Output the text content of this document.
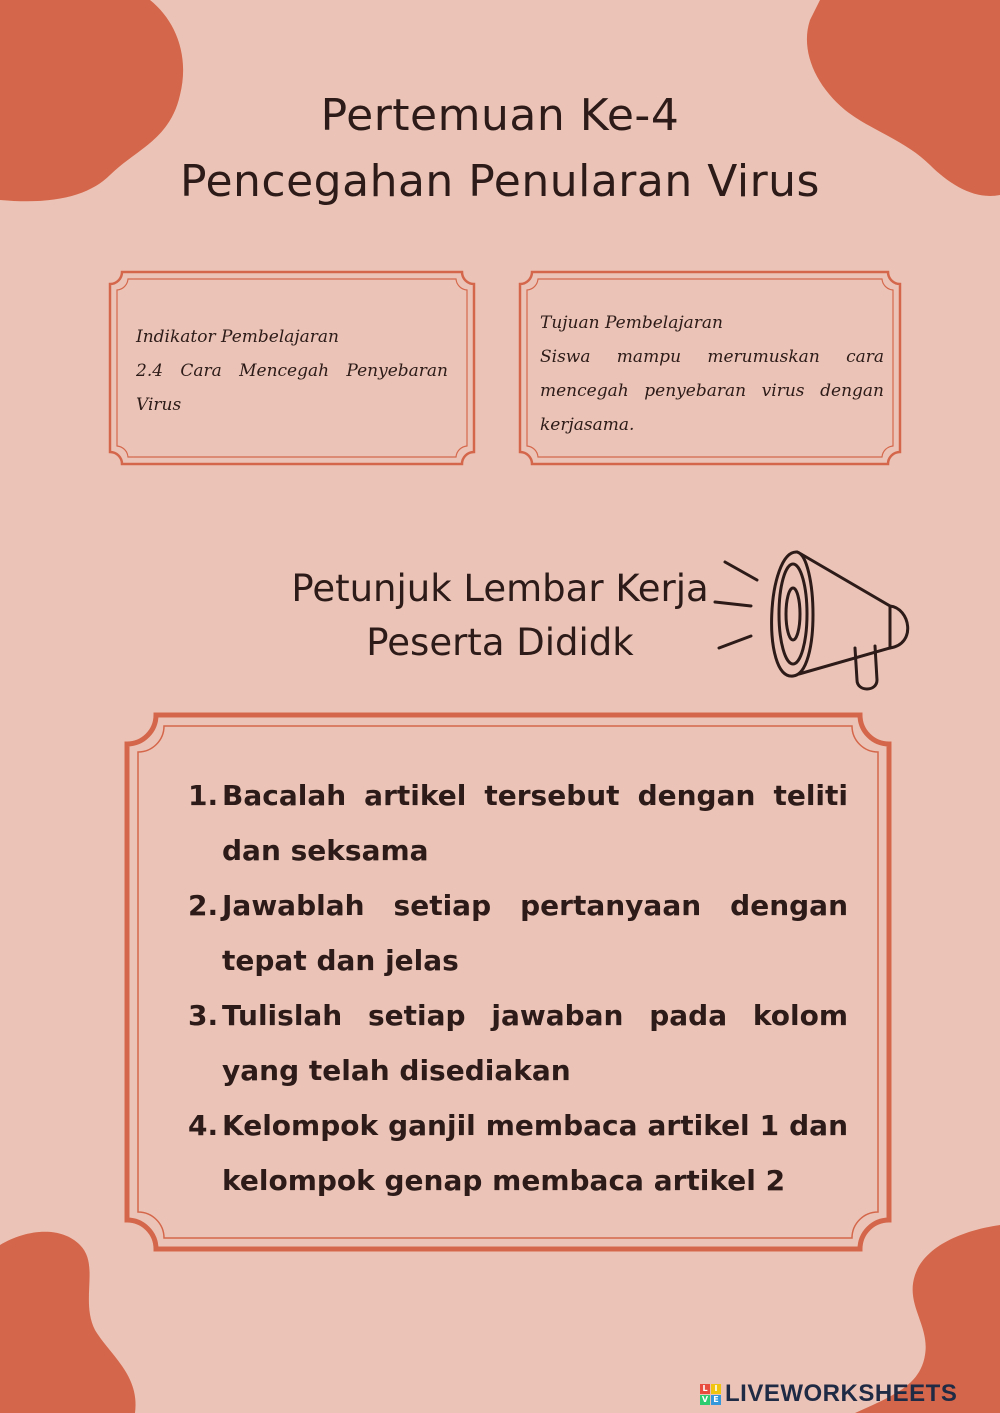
Pertemuan Ke-4
Pencegahan Penularan Virus
Indikator Pembelajaran
2.4 Cara Mencegah Penyebaran Virus
Tujuan Pembelajaran
Siswa mampu merumuskan cara mencegah penyebaran virus dengan kerjasama.
Petunjuk Lembar Kerja
Peserta Dididk
1. Bacalah artikel tersebut dengan teliti dan seksama
2. Jawablah setiap pertanyaan dengan tepat dan jelas
3. Tulislah setiap jawaban pada kolom yang telah disediakan
4. Kelompok ganjil membaca artikel 1 dan kelompok genap membaca artikel 2
L I
V E LIVEWORKSHEETS
